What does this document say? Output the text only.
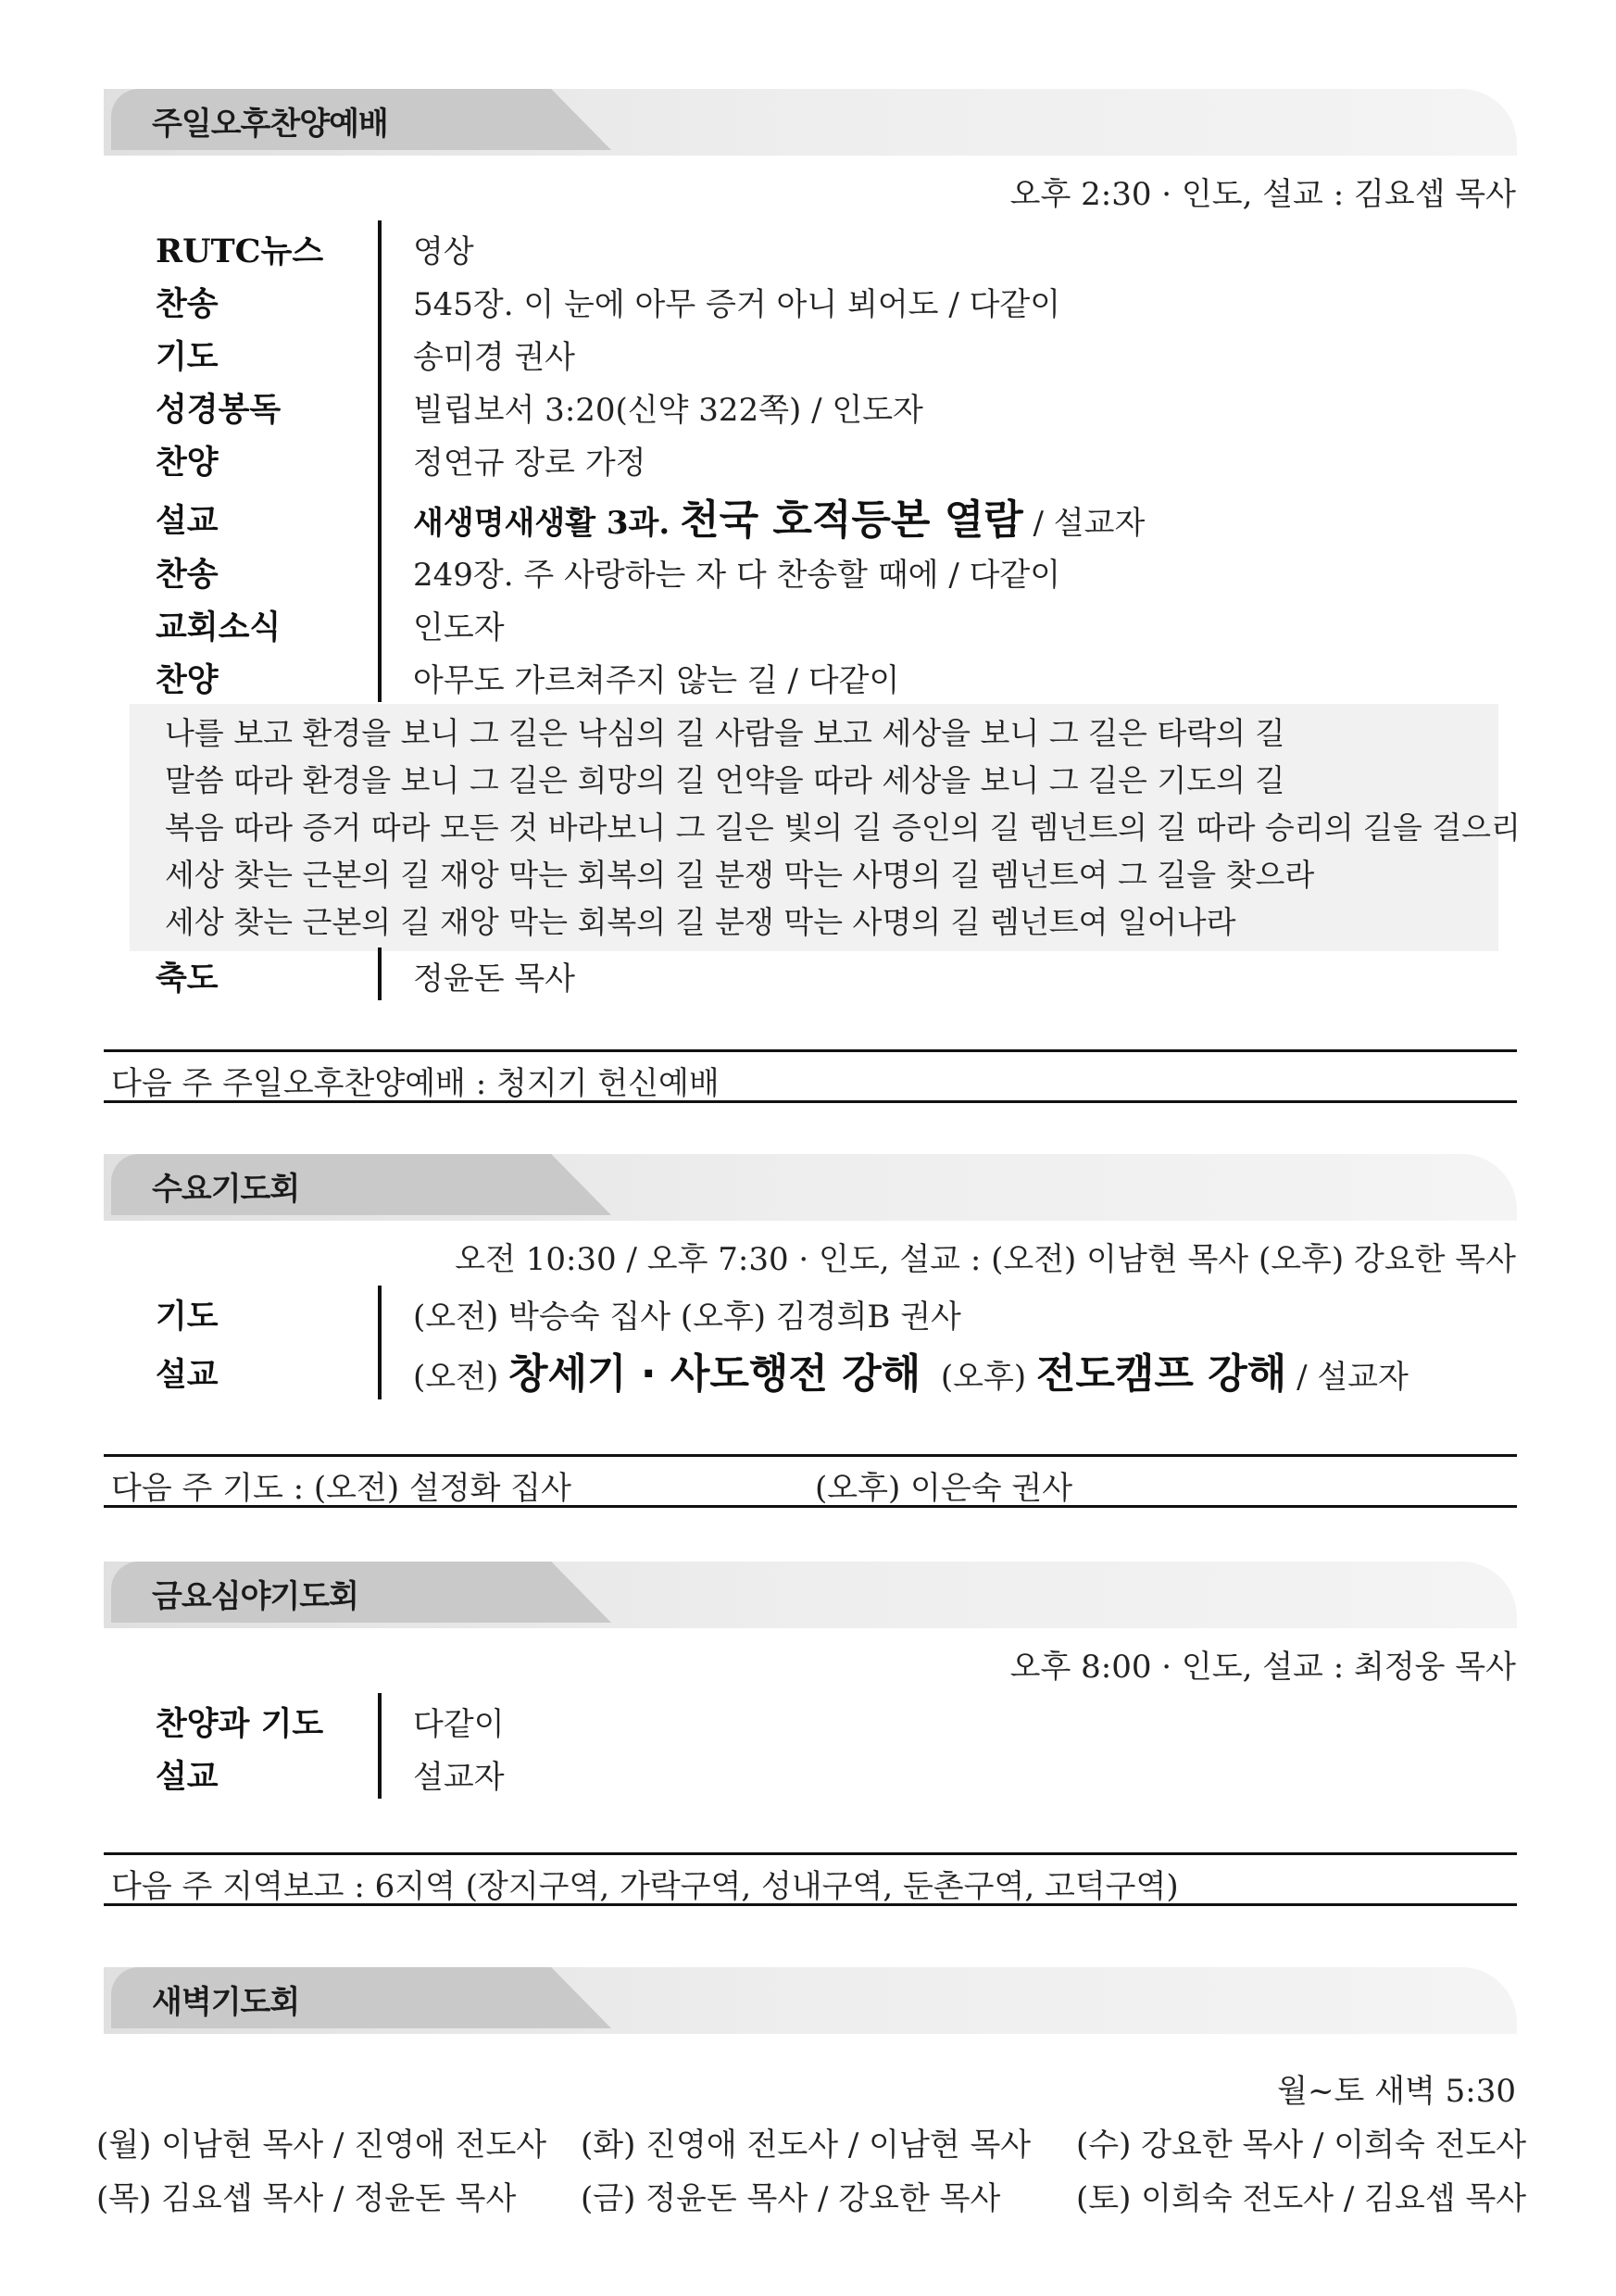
주일오후찬양예배
오후 2:30 · 인도, 설교 : 김요셉 목사
RUTC뉴스	영상
찬송	545장. 이 눈에 아무 증거 아니 뵈어도 / 다같이
기도	송미경 권사
성경봉독	빌립보서 3:20(신약 322쪽) / 인도자
찬양	정연규 장로 가정
설교	새생명새생활 3과. 천국 호적등본 열람 / 설교자
찬송	249장. 주 사랑하는 자 다 찬송할 때에 / 다같이
교회소식	인도자
찬양	아무도 가르쳐주지 않는 길 / 다같이
나를 보고 환경을 보니 그 길은 낙심의 길 사람을 보고 세상을 보니 그 길은 타락의 길
말씀 따라 환경을 보니 그 길은 희망의 길 언약을 따라 세상을 보니 그 길은 기도의 길
복음 따라 증거 따라 모든 것 바라보니 그 길은 빛의 길 증인의 길 렘넌트의 길 따라 승리의 길을 걸으리
세상 찾는 근본의 길 재앙 막는 회복의 길 분쟁 막는 사명의 길 렘넌트여 그 길을 찾으라
세상 찾는 근본의 길 재앙 막는 회복의 길 분쟁 막는 사명의 길 렘넌트여 일어나라
축도	정윤돈 목사
다음 주 주일오후찬양예배 : 청지기 헌신예배
수요기도회
오전 10:30 / 오후 7:30 · 인도, 설교 : (오전) 이남현 목사 (오후) 강요한 목사
기도	(오전) 박승숙 집사 (오후) 김경희B 권사
설교	(오전) 창세기 · 사도행전 강해 (오후) 전도캠프 강해 / 설교자
다음 주 기도 : (오전) 설정화 집사	(오후) 이은숙 권사
금요심야기도회
오후 8:00 · 인도, 설교 : 최정웅 목사
찬양과 기도	다같이
설교	설교자
다음 주 지역보고 : 6지역 (장지구역, 가락구역, 성내구역, 둔촌구역, 고덕구역)
새벽기도회
월~토 새벽 5:30
(월) 이남현 목사 / 진영애 전도사 (화) 진영애 전도사 / 이남현 목사 (수) 강요한 목사 / 이희숙 전도사
(목) 김요셉 목사 / 정윤돈 목사 (금) 정윤돈 목사 / 강요한 목사 (토) 이희숙 전도사 / 김요셉 목사
